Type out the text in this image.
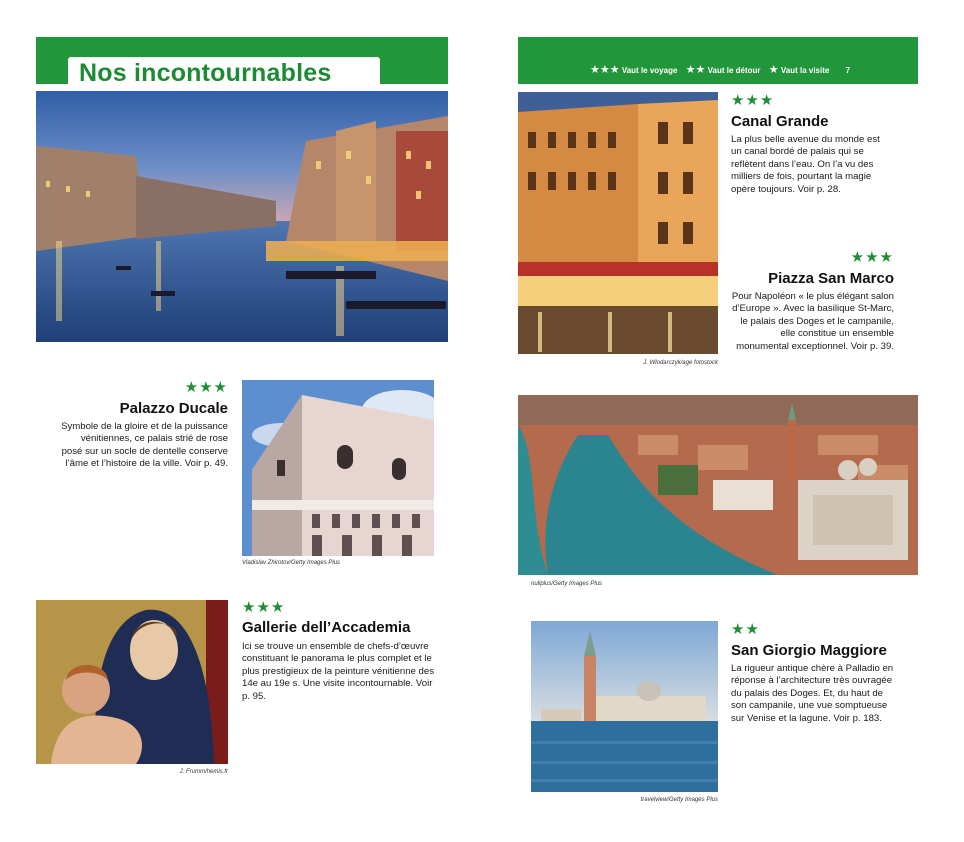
Nos incontournables
★★★
Palazzo Ducale
Symbole de la gloire et de la puissance vénitiennes, ce palais strié de rose posé sur un socle de dentelle conserve l’âme et l’histoire de la ville. Voir p. 49.
Vladislav Zhirotov/Getty Images Plus
J. Frumm/hemis.fr
★★★
Gallerie dell’Accademia
Ici se trouve un ensemble de chefs-d’œuvre constituant le panorama le plus complet et le plus prestigieux de la peinture vénitienne des 14e au 19e s. Une visite incontournable. Voir p. 95.
★★★ Vaut le voyage ★★ Vaut le détour ★ Vaut la visite 7
J. Wlodarczyk/age fotostock
★★★
Canal Grande
La plus belle avenue du monde est un canal bordé de palais qui se reflètent dans l’eau. On l’a vu des milliers de fois, pourtant la magie opère toujours. Voir p. 28.
★★★
Piazza San Marco
Pour Napoléon « le plus élégant salon d’Europe ». Avec la basilique St-Marc, le palais des Doges et le campanile, elle constitue un ensemble monumental exceptionnel. Voir p. 39.
nullplus/Getty Images Plus
travelview/Getty Images Plus
★★
San Giorgio Maggiore
La rigueur antique chère à Palladio en réponse à l’architecture très ouvragée du palais des Doges. Et, du haut de son campanile, une vue somptueuse sur Venise et la lagune. Voir p. 183.
